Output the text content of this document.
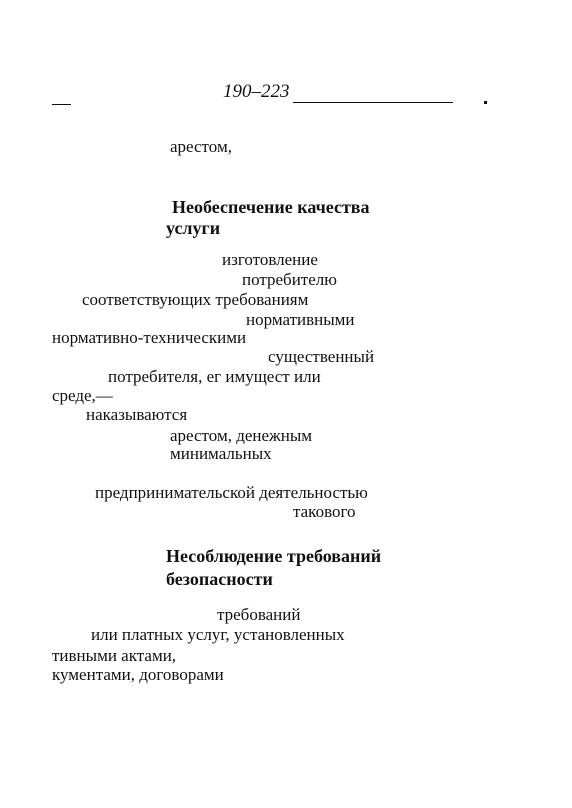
190–223
арестом,
Необеспечение качества
услуги
изготовление
потребителю
соответствующих требованиям
нормативными
нормативно-техническими
существенный
потребителя, ег имущест или
среде,—
наказываются
арестом, денежным
минимальных
предпринимательской деятельностью
такового
Несоблюдение требований
безопасности
требований
или платных услуг, установленных
тивными актами,
кументами, договорами
